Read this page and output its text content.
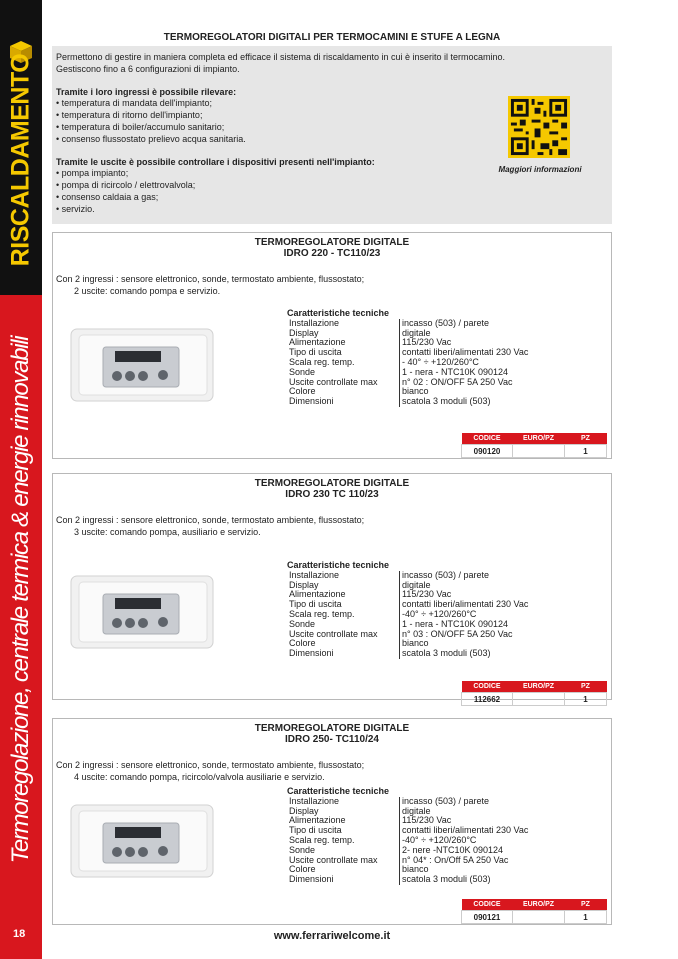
RISCALDAMENTO
Termoregolazione, centrale termica & energie rinnovabili
18
TERMOREGOLATORI DIGITALI PER TERMOCAMINI E STUFE A LEGNA

Permettono di gestire in maniera completa ed efficace il sistema di riscaldamento in cui è inserito il termocamino.

Gestiscono fino a 6 configurazioni di impianto.

Tramite i loro ingressi è possibile rilevare:

• temperatura di mandata dell'impianto;

• temperatura di ritorno dell'impianto;

• temperatura di boiler/accumulo sanitario;

• consenso flussostato prelievo acqua sanitaria.

Tramite le uscite è possibile controllare i dispositivi presenti nell'impianto:

• pompa impianto;

• pompa di ricircolo / elettrovalvola;

• consenso caldaia a gas;

• servizio.

Maggiori informazioni
TERMOREGOLATORE DIGITALE
IDRO 220 - TC110/23
Con 2 ingressi : sensore elettronico, sonde, termostato ambiente, flussostato;
2 uscite: comando pompa e servizio.
Caratteristiche tecniche
Installazione	incasso (503) / parete
Display	digitale
Alimentazione	115/230 Vac
Tipo di uscita	contatti liberi/alimentati 230 Vac
Scala reg. temp.	- 40° ÷ +120/260°C
Sonde	1 - nera - NTC10K 090124
Uscite controllate max	n° 02 : ON/OFF 5A 250 Vac
Colore	bianco
Dimensioni	scatola 3 moduli (503)
CODICE	EURO/PZ	PZ
090120		1
TERMOREGOLATORE DIGITALE
IDRO 230 TC 110/23
Con 2 ingressi : sensore elettronico, sonde, termostato ambiente, flussostato;
3 uscite: comando pompa, ausiliario e servizio.
Caratteristiche tecniche
Installazione	incasso (503) / parete
Display	digitale
Alimentazione	115/230 Vac
Tipo di uscita	contatti liberi/alimentati 230 Vac
Scala reg. temp.	-40° ÷ +120/260°C
Sonde	1 - nera - NTC10K 090124
Uscite controllate max	n° 03 : ON/OFF 5A 250 Vac
Colore	bianco
Dimensioni	scatola 3 moduli (503)
CODICE	EURO/PZ	PZ
112662		1
TERMOREGOLATORE DIGITALE
IDRO 250- TC110/24
Con 2 ingressi : sensore elettronico, sonde, termostato ambiente, flussostato;
4 uscite: comando pompa, ricircolo/valvola ausiliarie e servizio.
Caratteristiche tecniche
Installazione	incasso (503) / parete
Display	digitale
Alimentazione	115/230 Vac
Tipo di uscita	contatti liberi/alimentati 230 Vac
Scala reg. temp.	-40° ÷ +120/260°C
Sonde	2- nere -NTC10K 090124
Uscite controllate max	n° 04* : On/Off 5A 250 Vac
Colore	bianco
Dimensioni	scatola 3 moduli (503)
CODICE	EURO/PZ	PZ
090121		1
www.ferrariwelcome.it
